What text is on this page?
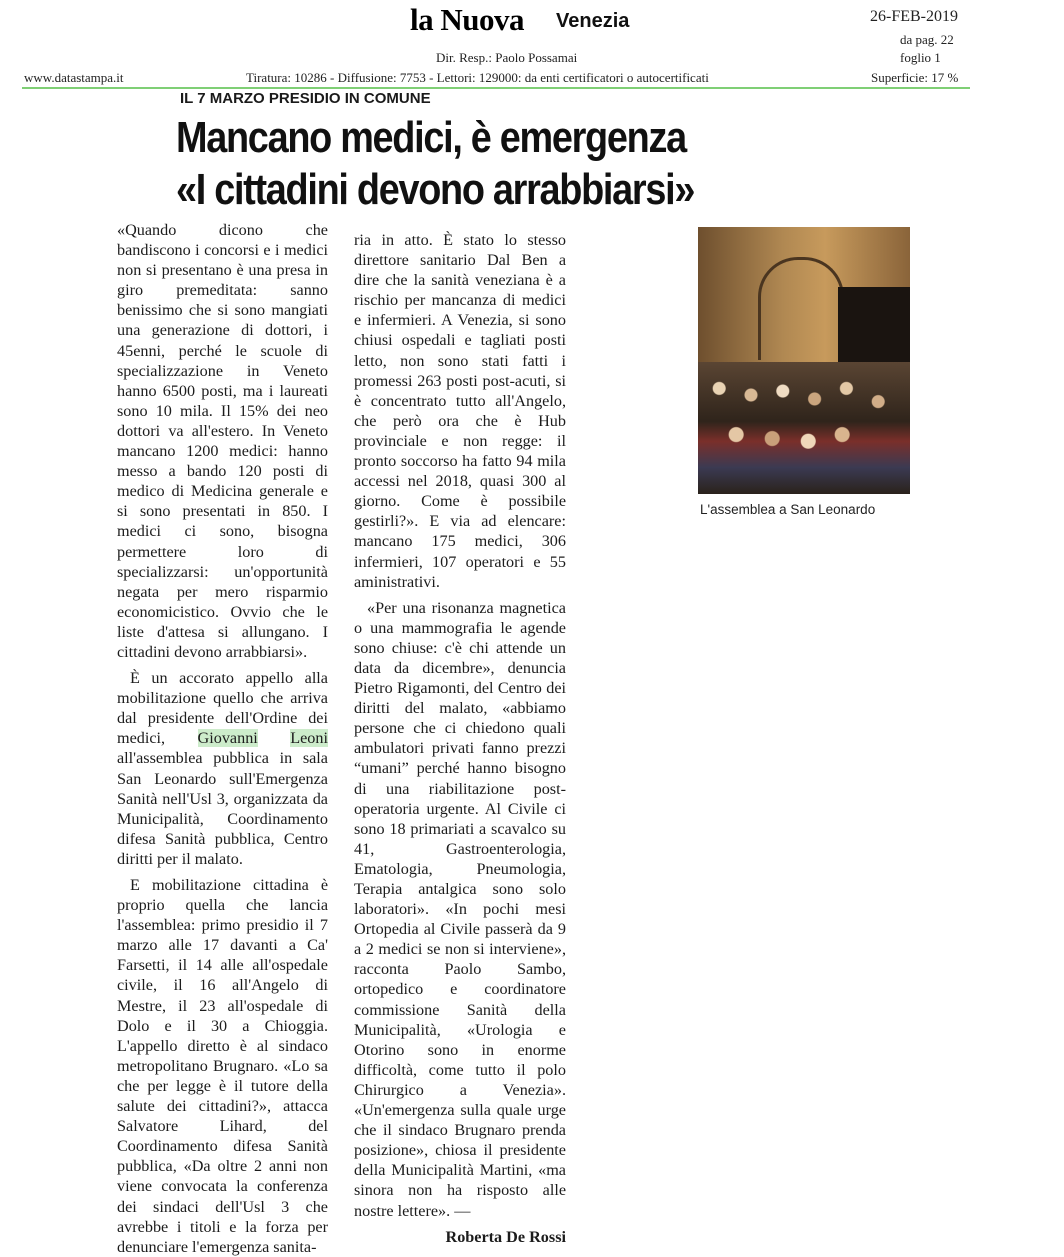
la Nuova Venezia	26-FEB-2019
da pag. 22
foglio 1
Dir. Resp.: Paolo Possamai
www.datastampa.it	Tiratura: 10286 - Diffusione: 7753 - Lettori: 129000: da enti certificatori o autocertificati	Superficie: 17 %
IL 7 MARZO PRESIDIO IN COMUNE
Mancano medici, è emergenza
«I cittadini devono arrabbiarsi»

«Quando dicono che bandiscono i concorsi e i medici non si presentano è una presa in giro premeditata: sanno benissimo che si sono mangiati una generazione di dottori, i 45enni, perché le scuole di specializzazione in Veneto hanno 6500 posti, ma i laureati sono 10 mila. Il 15% dei neo dottori va all'estero. In Veneto mancano 1200 medici: hanno messo a bando 120 posti di medico di Medicina generale e si sono presentati in 850. I medici ci sono, bisogna permettere loro di specializzarsi: un'opportunità negata per mero risparmio economicistico. Ovvio che le liste d'attesa si allungano. I cittadini devono arrabbiarsi».

È un accorato appello alla mobilitazione quello che arriva dal presidente dell'Ordine dei medici, Giovanni Leoni all'assemblea pubblica in sala San Leonardo sull'Emergenza Sanità nell'Usl 3, organizzata da Municipalità, Coordinamento difesa Sanità pubblica, Centro diritti per il malato.

E mobilitazione cittadina è proprio quella che lancia l'assemblea: primo presidio il 7 marzo alle 17 davanti a Ca' Farsetti, il 14 alle all'ospedale civile, il 16 all'Angelo di Mestre, il 23 all'ospedale di Dolo e il 30 a Chioggia. L'appello diretto è al sindaco metropolitano Brugnaro. «Lo sa che per legge è il tutore della salute dei cittadini?», attacca Salvatore Lihard, del Coordinamento difesa Sanità pubblica, «Da oltre 2 anni non viene convocata la conferenza dei sindaci dell'Usl 3 che avrebbe i titoli e la forza per denunciare l'emergenza sanita-

ria in atto. È stato lo stesso direttore sanitario Dal Ben a dire che la sanità veneziana è a rischio per mancanza di medici e infermieri. A Venezia, si sono chiusi ospedali e tagliati posti letto, non sono stati fatti i promessi 263 posti post-acuti, si è concentrato tutto all'Angelo, che però ora che è Hub provinciale e non regge: il pronto soccorso ha fatto 94 mila accessi nel 2018, quasi 300 al giorno. Come è possibile gestirli?». E via ad elencare: mancano 175 medici, 306 infermieri, 107 operatori e 55 aministrativi.

«Per una risonanza magnetica o una mammografia le agende sono chiuse: c'è chi attende un data da dicembre», denuncia Pietro Rigamonti, del Centro dei diritti del malato, «abbiamo persone che ci chiedono quali ambulatori privati fanno prezzi “umani” perché hanno bisogno di una riabilitazione post-operatoria urgente. Al Civile ci sono 18 primariati a scavalco su 41, Gastroenterologia, Ematologia, Pneumologia, Terapia antalgica sono solo laboratori». «In pochi mesi Ortopedia al Civile passerà da 9 a 2 medici se non si interviene», racconta Paolo Sambo, ortopedico e coordinatore commissione Sanità della Municipalità, «Urologia e Otorino sono in enorme difficoltà, come tutto il polo Chirurgico a Venezia». «Un'emergenza sulla quale urge che il sindaco Brugnaro prenda posizione», chiosa il presidente della Municipalità Martini, «ma sinora non ha risposto alle nostre lettere». —

Roberta De Rossi

L'assemblea a San Leonardo
